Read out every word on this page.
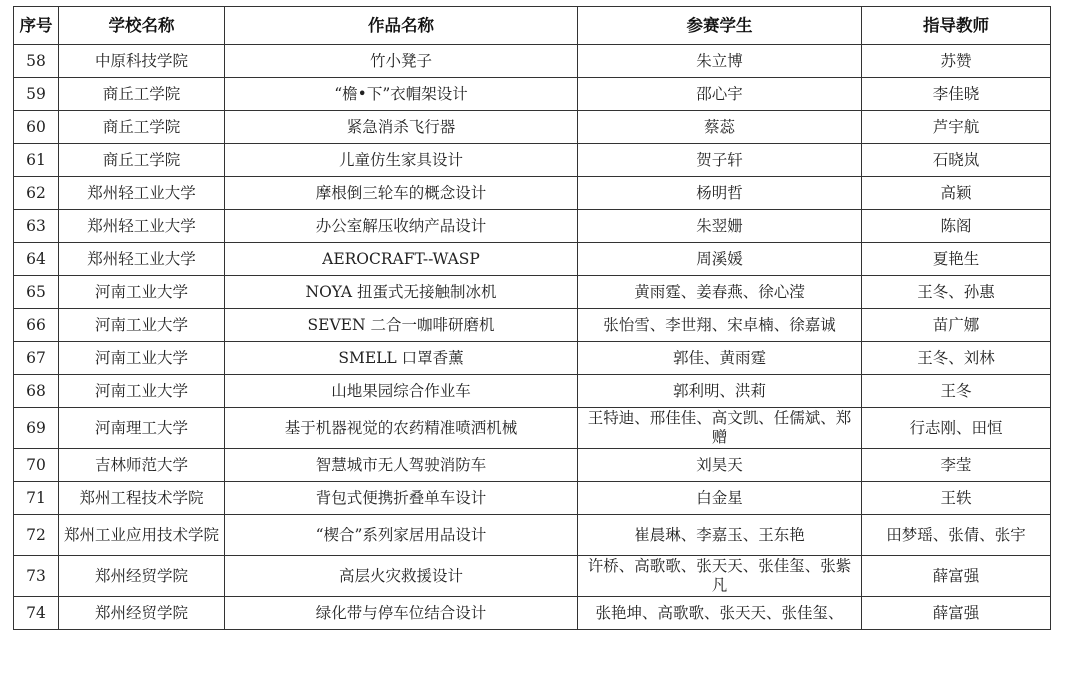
序号	学校名称	作品名称	参赛学生	指导教师
58	中原科技学院	竹小凳子	朱立博	苏赞
59	商丘工学院	“檐•下”衣帽架设计	邵心宇	李佳晓
60	商丘工学院	紧急消杀飞行器	蔡蕊	芦宇航
61	商丘工学院	儿童仿生家具设计	贺子轩	石晓岚
62	郑州轻工业大学	摩根倒三轮车的概念设计	杨明哲	高颖
63	郑州轻工业大学	办公室解压收纳产品设计	朱翌姗	陈阁
64	郑州轻工业大学	AEROCRAFT--WASP	周溪媛	夏艳生
65	河南工业大学	NOYA 扭蛋式无接触制冰机	黄雨霆、姜春燕、徐心滢	王冬、孙惠
66	河南工业大学	SEVEN 二合一咖啡研磨机	张怡雪、李世翔、宋卓楠、徐嘉诚	苗广娜
67	河南工业大学	SMELL 口罩香薰	郭佳、黄雨霆	王冬、刘林
68	河南工业大学	山地果园综合作业车	郭利明、洪莉	王冬
69	河南理工大学	基于机器视觉的农药精准喷洒机械	王特迪、邢佳佳、高文凯、任儒斌、郑赠	行志刚、田恒
70	吉林师范大学	智慧城市无人驾驶消防车	刘昊天	李莹
71	郑州工程技术学院	背包式便携折叠单车设计	白金星	王轶
72	郑州工业应用技术学院	“楔合”系列家居用品设计	崔晨琳、李嘉玉、王东艳	田梦瑶、张倩、张宇
73	郑州经贸学院	高层火灾救援设计	许桥、高歌歌、张天天、张佳玺、张紫凡	薛富强
74	郑州经贸学院	绿化带与停车位结合设计	张艳坤、高歌歌、张天天、张佳玺、	薛富强
